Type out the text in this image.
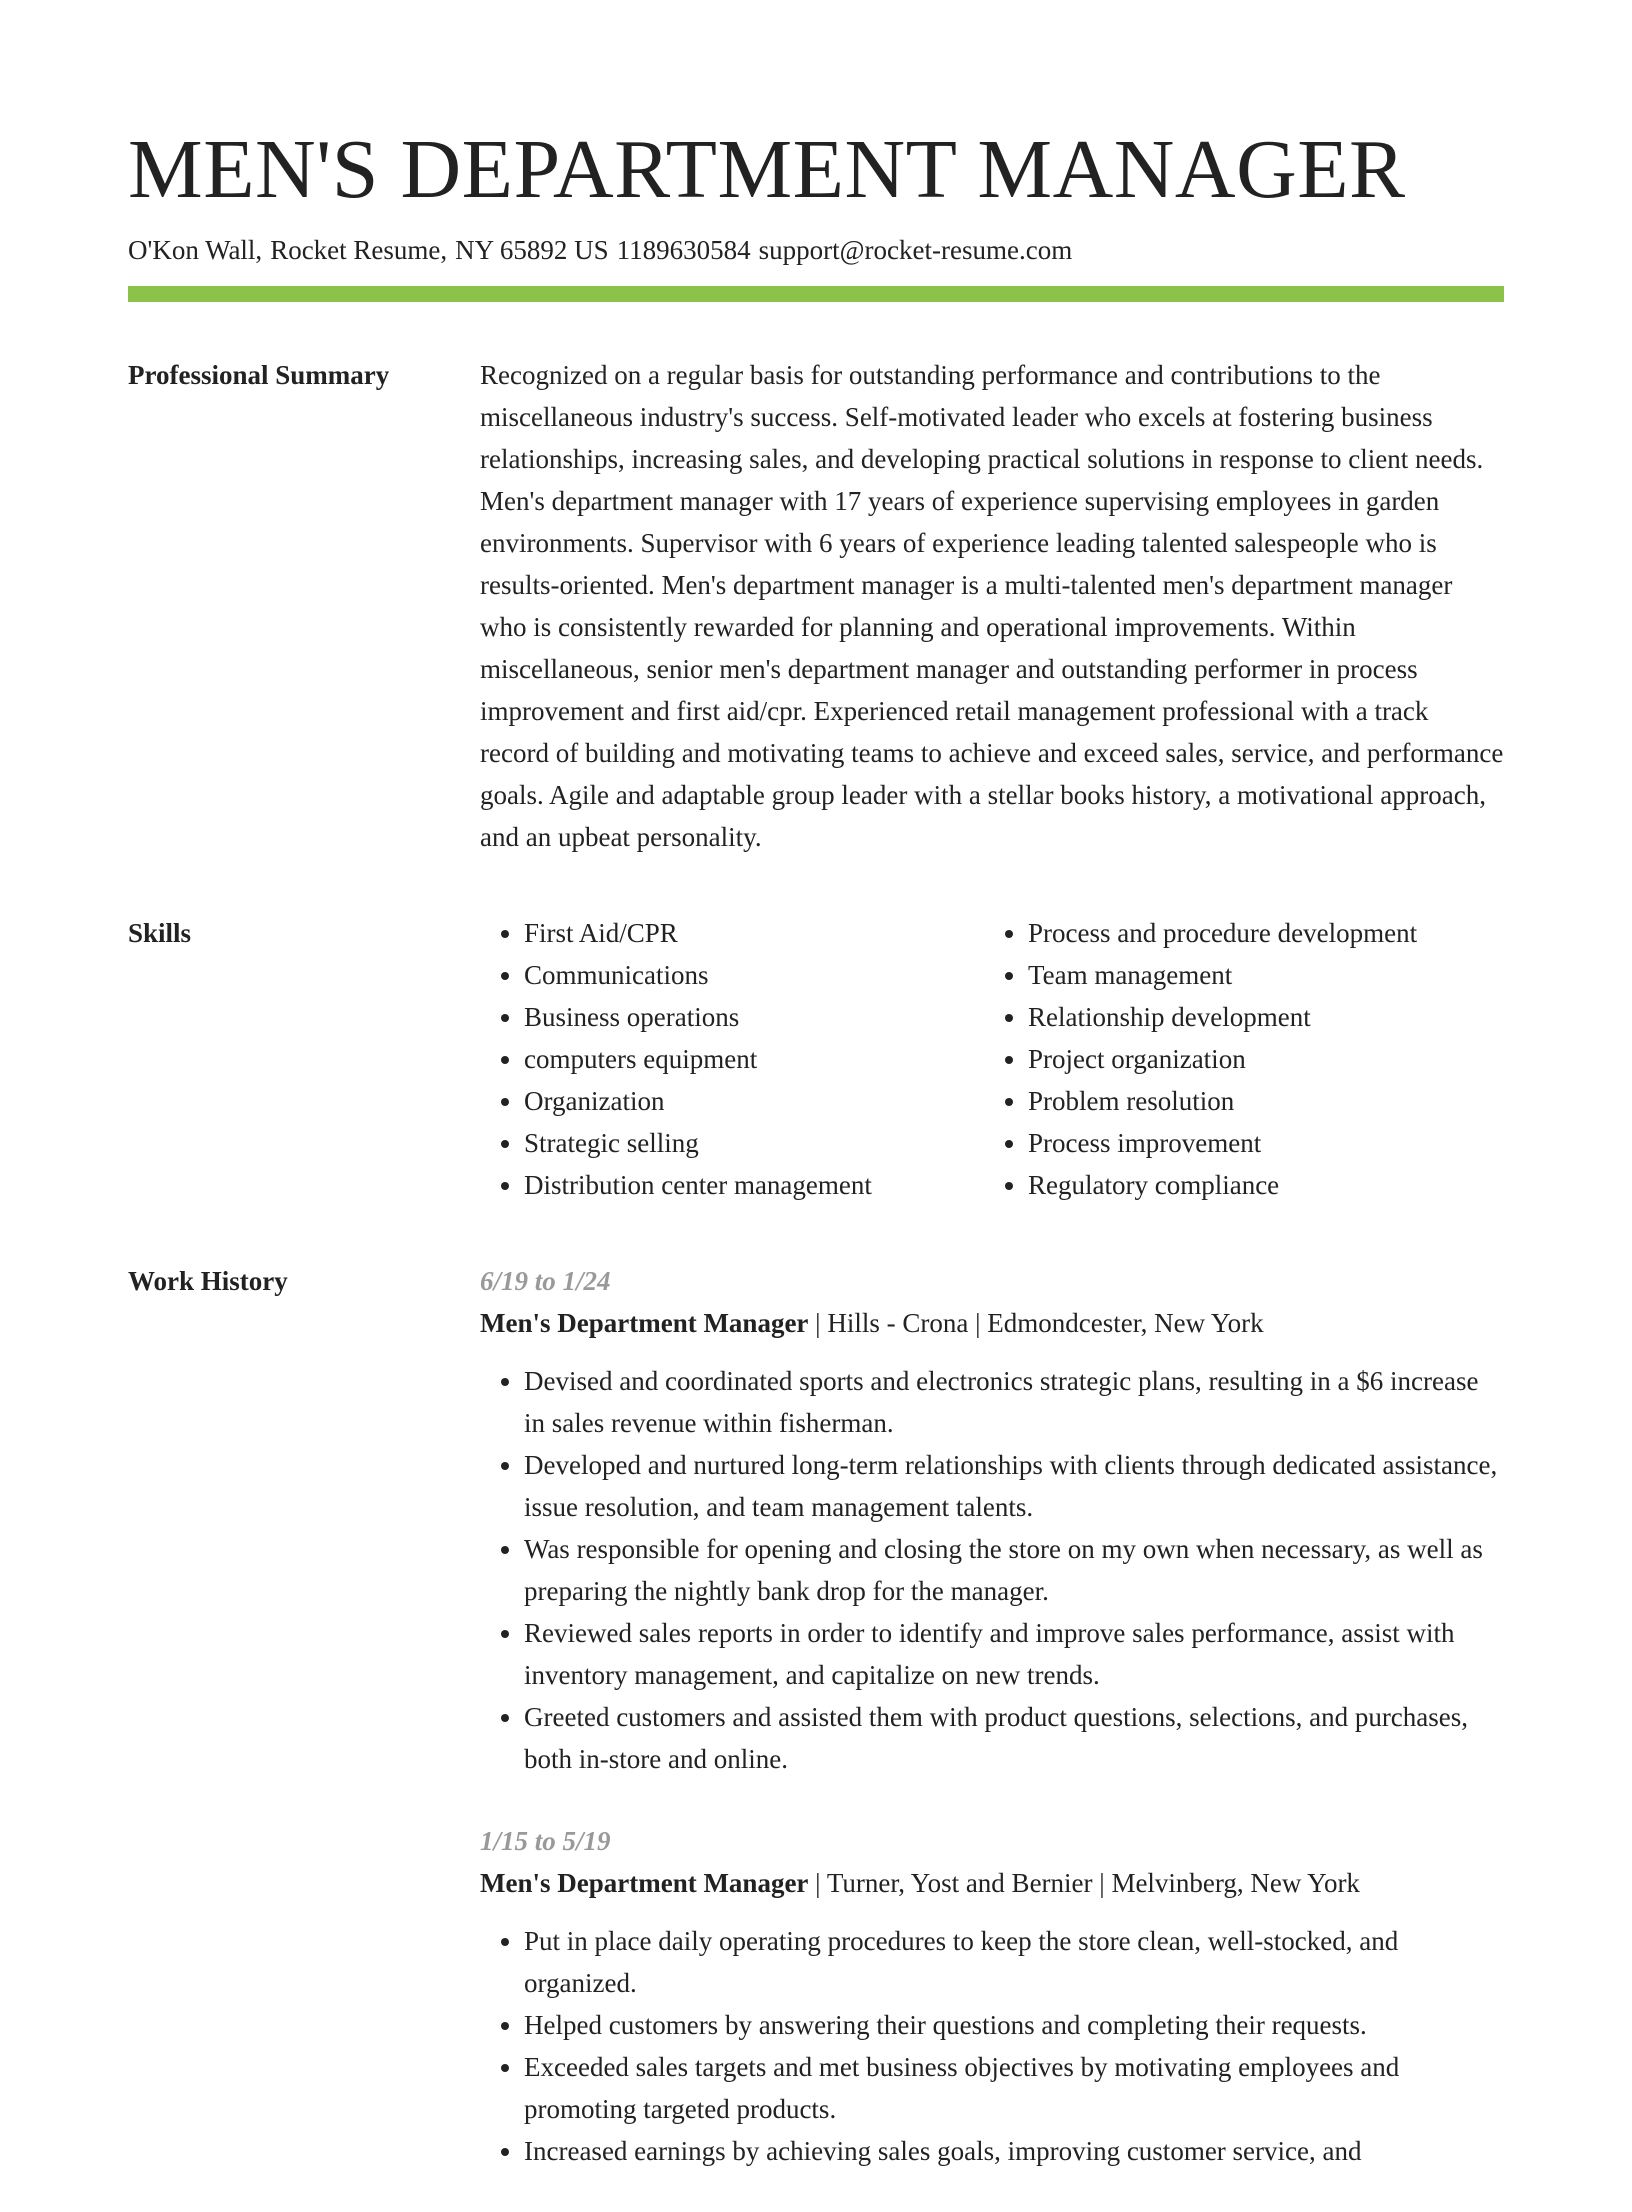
MEN'S DEPARTMENT MANAGER
O'Kon Wall, Rocket Resume, NY 65892 US 1189630584 support@rocket-resume.com
Professional Summary	Recognized on a regular basis for outstanding performance and contributions to the miscellaneous industry's success. Self-motivated leader who excels at fostering business relationships, increasing sales, and developing practical solutions in response to client needs. Men's department manager with 17 years of experience supervising employees in garden environments. Supervisor with 6 years of experience leading talented salespeople who is results-oriented. Men's department manager is a multi-talented men's department manager who is consistently rewarded for planning and operational improvements. Within miscellaneous, senior men's department manager and outstanding performer in process improvement and first aid/cpr. Experienced retail management professional with a track record of building and motivating teams to achieve and exceed sales, service, and performance goals. Agile and adaptable group leader with a stellar books history, a motivational approach, and an upbeat personality.

Skills
•	First Aid/CPR
• Communications
• Business operations
• computers equipment
• Organization
• Strategic selling
• Distribution center management
• Process and procedure development
• Team management
• Relationship development
• Project organization
• Problem resolution
• Process improvement
• Regulatory compliance
Work History	6/19 to 1/24
Men's Department Manager | Hills - Crona | Edmondcester, New York
• Devised and coordinated sports and electronics strategic plans, resulting in a $6 increase in sales revenue within fisherman.
• Developed and nurtured long-term relationships with clients through dedicated assistance, issue resolution, and team management talents.
• Was responsible for opening and closing the store on my own when necessary, as well as preparing the nightly bank drop for the manager.
• Reviewed sales reports in order to identify and improve sales performance, assist with inventory management, and capitalize on new trends.
• Greeted customers and assisted them with product questions, selections, and purchases, both in-store and online.
1/15 to 5/19
Men's Department Manager | Turner, Yost and Bernier | Melvinberg, New York
• Put in place daily operating procedures to keep the store clean, well-stocked, and organized.
• Helped customers by answering their questions and completing their requests.
• Exceeded sales targets and met business objectives by motivating employees and promoting targeted products.
• Increased earnings by achieving sales goals, improving customer service, and
